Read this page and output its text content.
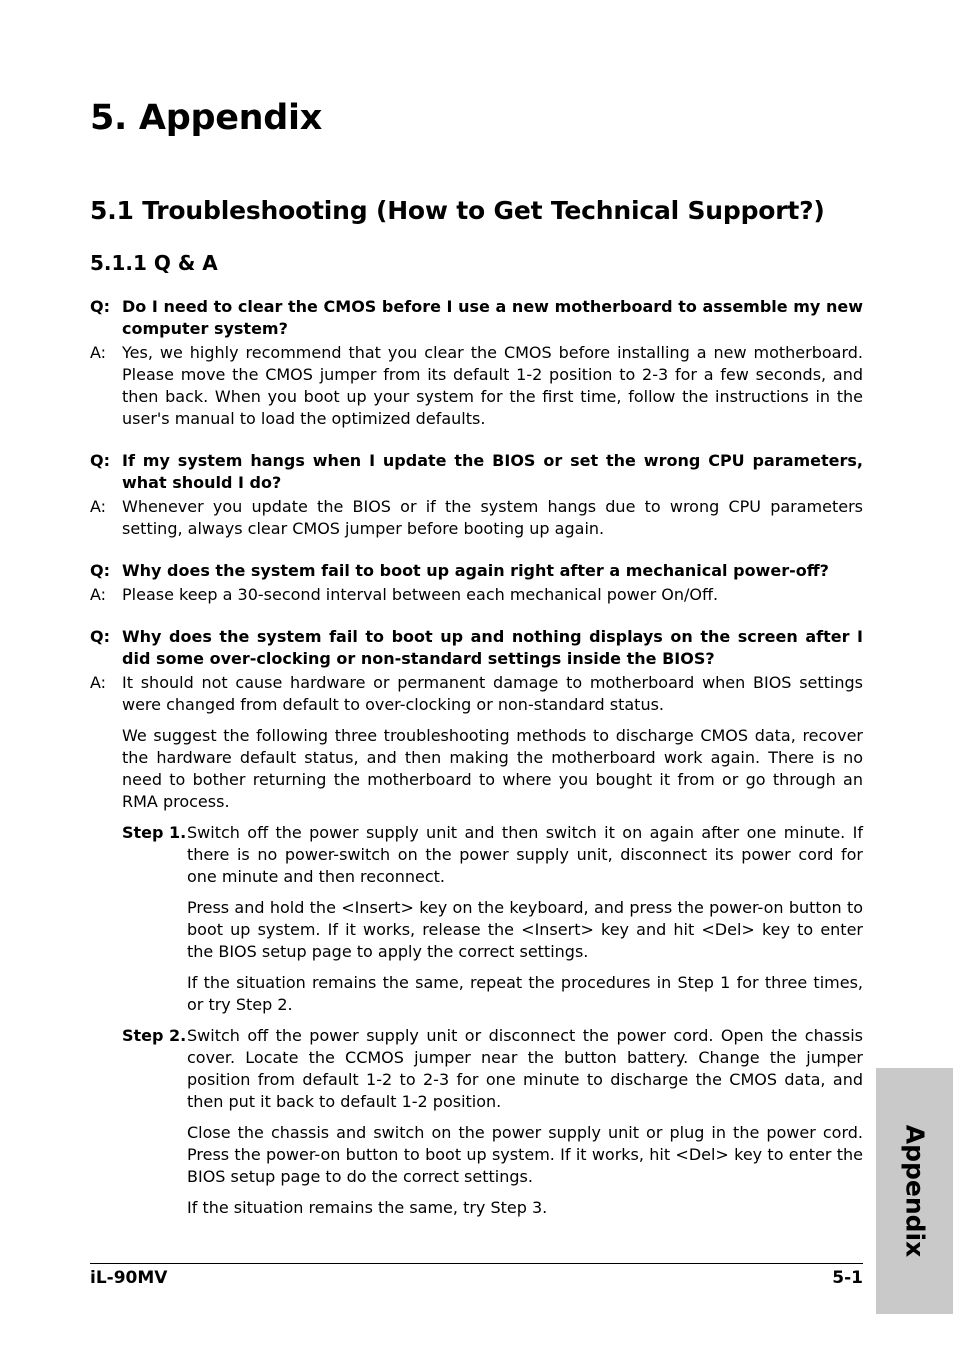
5. Appendix
5.1 Troubleshooting (How to Get Technical Support?)
5.1.1 Q & A
Q: Do I need to clear the CMOS before I use a new motherboard to assemble my new computer system?
A: Yes, we highly recommend that you clear the CMOS before installing a new motherboard. Please move the CMOS jumper from its default 1-2 position to 2-3 for a few seconds, and then back. When you boot up your system for the first time, follow the instructions in the user's manual to load the optimized defaults.
Q: If my system hangs when I update the BIOS or set the wrong CPU parameters, what should I do?
A: Whenever you update the BIOS or if the system hangs due to wrong CPU parameters setting, always clear CMOS jumper before booting up again.
Q: Why does the system fail to boot up again right after a mechanical power-off?
A: Please keep a 30-second interval between each mechanical power On/Off.
Q: Why does the system fail to boot up and nothing displays on the screen after I did some over-clocking or non-standard settings inside the BIOS?
A: It should not cause hardware or permanent damage to motherboard when BIOS settings were changed from default to over-clocking or non-standard status.

We suggest the following three troubleshooting methods to discharge CMOS data, recover the hardware default status, and then making the motherboard work again. There is no need to bother returning the motherboard to where you bought it from or go through an RMA process.

Step 1. Switch off the power supply unit and then switch it on again after one minute. If there is no power-switch on the power supply unit, disconnect its power cord for one minute and then reconnect.

Press and hold the <Insert> key on the keyboard, and press the power-on button to boot up system. If it works, release the <Insert> key and hit <Del> key to enter the BIOS setup page to apply the correct settings.

If the situation remains the same, repeat the procedures in Step 1 for three times, or try Step 2.

Step 2. Switch off the power supply unit or disconnect the power cord. Open the chassis cover. Locate the CCMOS jumper near the button battery. Change the jumper position from default 1-2 to 2-3 for one minute to discharge the CMOS data, and then put it back to default 1-2 position.

Close the chassis and switch on the power supply unit or plug in the power cord. Press the power-on button to boot up system. If it works, hit <Del> key to enter the BIOS setup page to do the correct settings.

If the situation remains the same, try Step 3.

iL-90MV	5-1
Appendix
